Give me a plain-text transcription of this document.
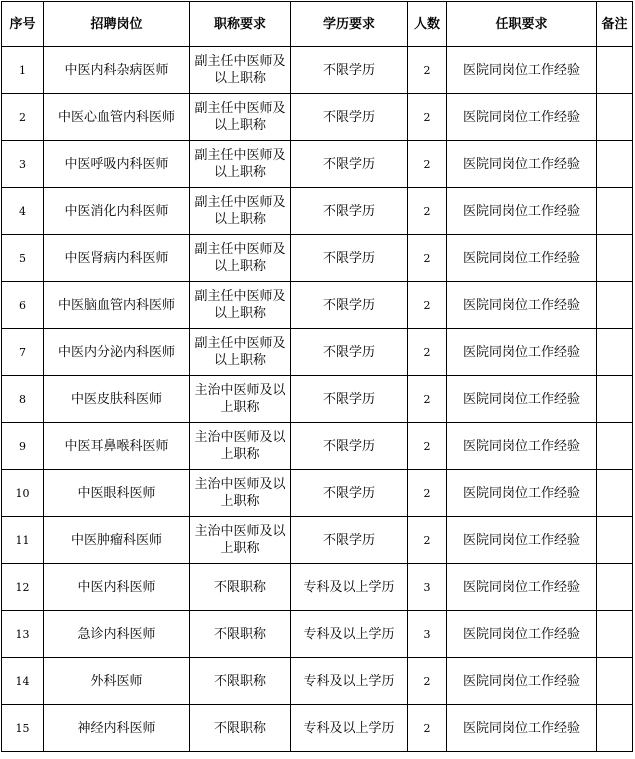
序号	招聘岗位	职称要求	学历要求	人数	任职要求	备注
1	中医内科杂病医师	副主任中医师及以上职称	不限学历	2	医院同岗位工作经验	
2	中医心血管内科医师	副主任中医师及以上职称	不限学历	2	医院同岗位工作经验	
3	中医呼吸内科医师	副主任中医师及以上职称	不限学历	2	医院同岗位工作经验	
4	中医消化内科医师	副主任中医师及以上职称	不限学历	2	医院同岗位工作经验	
5	中医肾病内科医师	副主任中医师及以上职称	不限学历	2	医院同岗位工作经验	
6	中医脑血管内科医师	副主任中医师及以上职称	不限学历	2	医院同岗位工作经验	
7	中医内分泌内科医师	副主任中医师及以上职称	不限学历	2	医院同岗位工作经验	
8	中医皮肤科医师	主治中医师及以上职称	不限学历	2	医院同岗位工作经验	
9	中医耳鼻喉科医师	主治中医师及以上职称	不限学历	2	医院同岗位工作经验	
10	中医眼科医师	主治中医师及以上职称	不限学历	2	医院同岗位工作经验	
11	中医肿瘤科医师	主治中医师及以上职称	不限学历	2	医院同岗位工作经验	
12	中医内科医师	不限职称	专科及以上学历	3	医院同岗位工作经验	
13	急诊内科医师	不限职称	专科及以上学历	3	医院同岗位工作经验	
14	外科医师	不限职称	专科及以上学历	2	医院同岗位工作经验	
15	神经内科医师	不限职称	专科及以上学历	2	医院同岗位工作经验	
